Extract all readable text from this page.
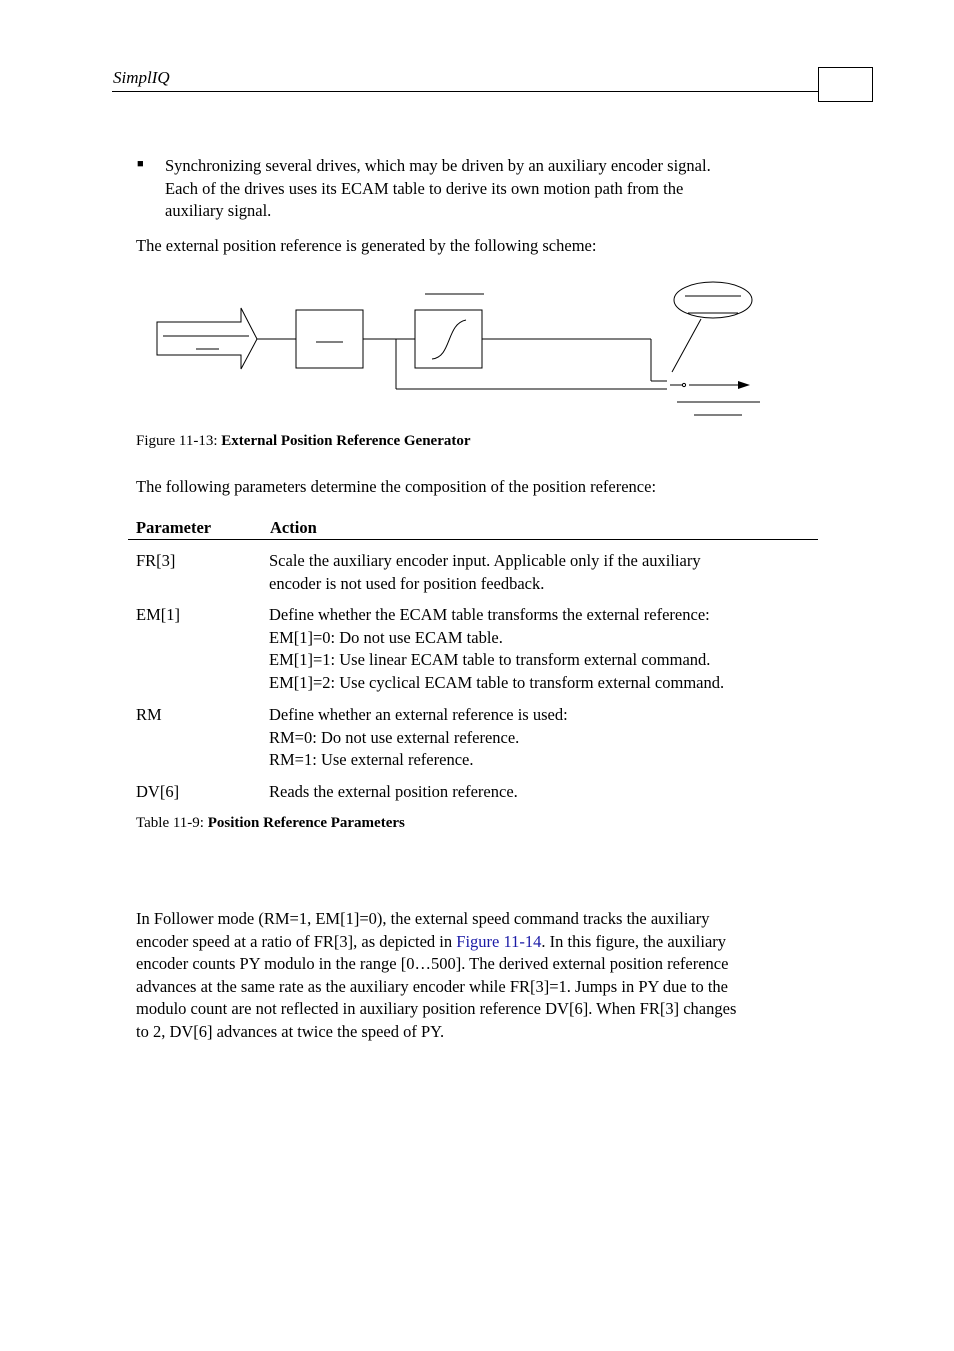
SimplIQ
■ Synchronizing several drives, which may be driven by an auxiliary encoder signal.
Each of the drives uses its ECAM table to derive its own motion path from the
auxiliary signal.
The external position reference is generated by the following scheme:
Figure 11-13: External Position Reference Generator
The following parameters determine the composition of the position reference:
Parameter	Action
FR[3]	Scale the auxiliary encoder input. Applicable only if the auxiliary
encoder is not used for position feedback.
EM[1]	Define whether the ECAM table transforms the external reference:
EM[1]=0: Do not use ECAM table.
EM[1]=1: Use linear ECAM table to transform external command.
EM[1]=2: Use cyclical ECAM table to transform external command.
RM	Define whether an external reference is used:
RM=0: Do not use external reference.
RM=1: Use external reference.
DV[6]	Reads the external position reference.
Table 11-9: Position Reference Parameters
In Follower mode (RM=1, EM[1]=0), the external speed command tracks the auxiliary
encoder speed at a ratio of FR[3], as depicted in Figure 11-14. In this figure, the auxiliary
encoder counts PY modulo in the range [0…500]. The derived external position reference
advances at the same rate as the auxiliary encoder while FR[3]=1. Jumps in PY due to the
modulo count are not reflected in auxiliary position reference DV[6]. When FR[3] changes
to 2, DV[6] advances at twice the speed of PY.
